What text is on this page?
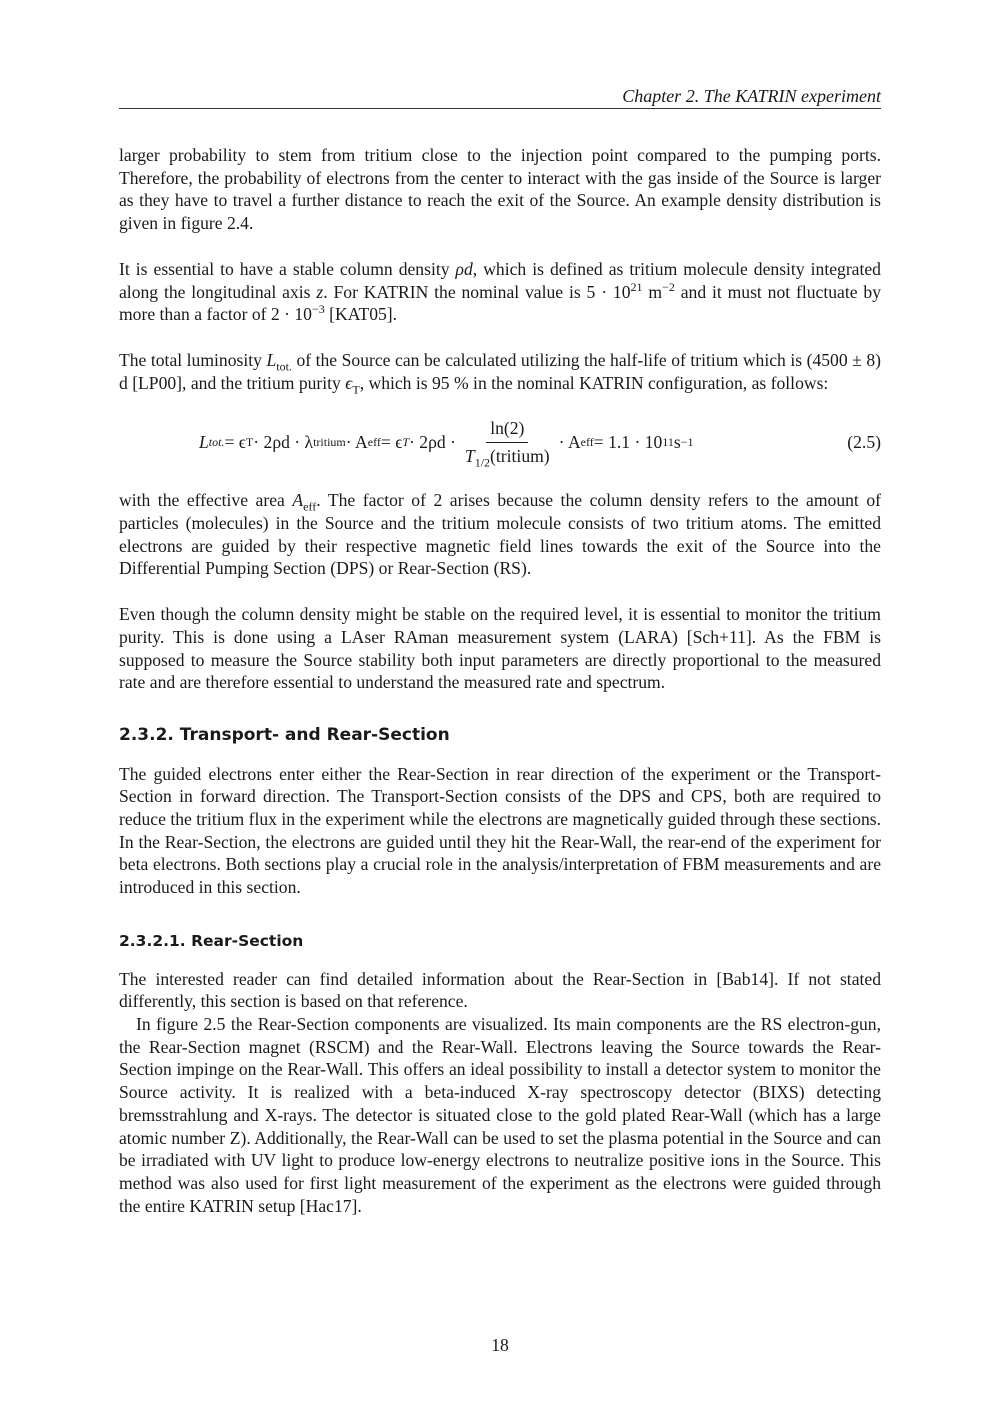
Chapter 2. The KATRIN experiment

larger probability to stem from tritium close to the injection point compared to the pumping ports. Therefore, the probability of electrons from the center to interact with the gas inside of the Source is larger as they have to travel a further distance to reach the exit of the Source. An example density distribution is given in figure 2.4.

It is essential to have a stable column density ρd, which is defined as tritium molecule density integrated along the longitudinal axis z. For KATRIN the nominal value is $5 \cdot 10^{21}$ $m^{-2}$ and it must not fluctuate by more than a factor of $2 \cdot 10^{-3}$ [KAT05].

The total luminosity $L_{tot.}$ of the Source can be calculated utilizing the half-life of tritium which is (4500 ± 8) d [LP00], and the tritium purity $\epsilon_T$, which is 95 % in the nominal KATRIN configuration, as follows:

L tot. = ϵ T · 2ρd · λ tritium · A eff = ϵ $T \cdot 2\rho d \cdot \frac{\ln(2)}{T_{1/2}(tritium)} \cdot A$ eff = 1.1 · 10 11 s −1	(2.5)

with the effective area $A_{eff}$. The factor of 2 arises because the column density refers to the amount of particles (molecules) in the Source and the tritium molecule consists of two tritium atoms. The emitted electrons are guided by their respective magnetic field lines towards the exit of the Source into the Differential Pumping Section (DPS) or Rear-Section (RS).

Even though the column density might be stable on the required level, it is essential to monitor the tritium purity. This is done using a LAser RAman measurement system (LARA) [Sch+11]. As the FBM is supposed to measure the Source stability both input parameters are directly proportional to the measured rate and are therefore essential to understand the measured rate and spectrum.

2.3.2. Transport- and Rear-Section

The guided electrons enter either the Rear-Section in rear direction of the experiment or the Transport-Section in forward direction. The Transport-Section consists of the DPS and CPS, both are required to reduce the tritium flux in the experiment while the electrons are magnetically guided through these sections. In the Rear-Section, the electrons are guided until they hit the Rear-Wall, the rear-end of the experiment for beta electrons. Both sections play a crucial role in the analysis/interpretation of FBM measurements and are introduced in this section.

2.3.2.1. Rear-Section

The interested reader can find detailed information about the Rear-Section in [Bab14]. If not stated differently, this section is based on that reference.

In figure 2.5 the Rear-Section components are visualized. Its main components are the RS electron-gun, the Rear-Section magnet (RSCM) and the Rear-Wall. Electrons leaving the Source towards the Rear-Section impinge on the Rear-Wall. This offers an ideal possibility to install a detector system to monitor the Source activity. It is realized with a beta-induced X-ray spectroscopy detector (BIXS) detecting bremsstrahlung and X-rays. The detector is situated close to the gold plated Rear-Wall (which has a large atomic number Z). Additionally, the Rear-Wall can be used to set the plasma potential in the Source and can be irradiated with UV light to produce low-energy electrons to neutralize positive ions in the Source. This method was also used for first light measurement of the experiment as the electrons were guided through the entire KATRIN setup [Hac17].

18
